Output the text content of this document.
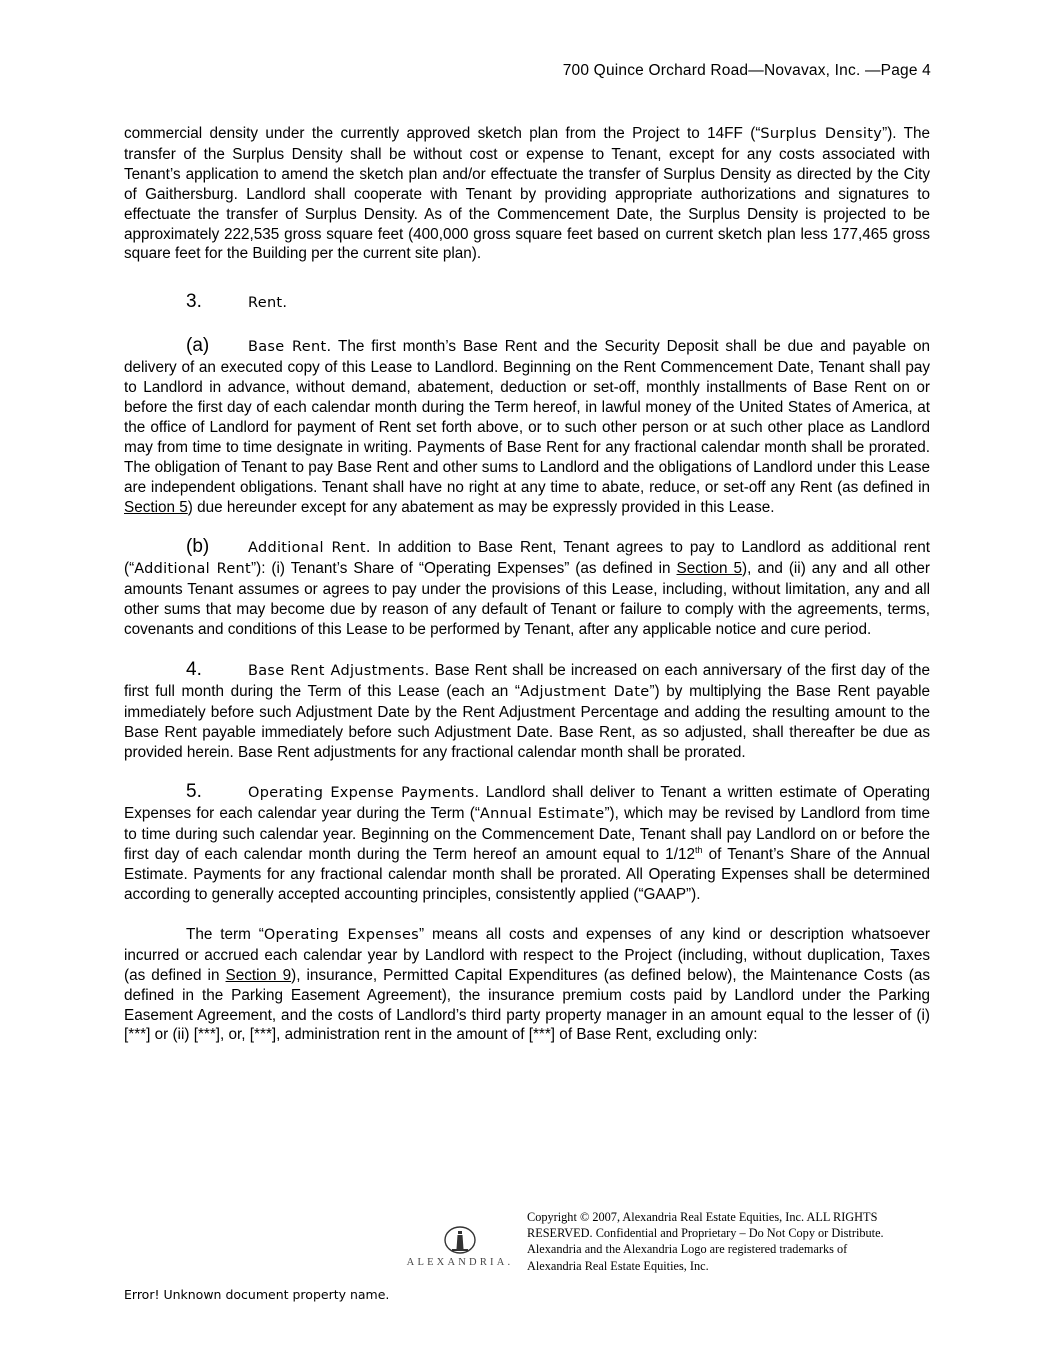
700 Quince Orchard Road—Novavax, Inc. —Page 4

commercial density under the currently approved sketch plan from the Project to 14FF (“Surplus Density”). The transfer of the Surplus Density shall be without cost or expense to Tenant, except for any costs associated with Tenant’s application to amend the sketch plan and/or effectuate the transfer of Surplus Density as directed by the City of Gaithersburg. Landlord shall cooperate with Tenant by providing appropriate authorizations and signatures to effectuate the transfer of Surplus Density. As of the Commencement Date, the Surplus Density is projected to be approximately 222,535 gross square feet (400,000 gross square feet based on current sketch plan less 177,465 gross square feet for the Building per the current site plan).

3.	Rent.

(a)	Base Rent. The first month’s Base Rent and the Security Deposit shall be due and payable on delivery of an executed copy of this Lease to Landlord. Beginning on the Rent Commencement Date, Tenant shall pay to Landlord in advance, without demand, abatement, deduction or set-off, monthly installments of Base Rent on or before the first day of each calendar month during the Term hereof, in lawful money of the United States of America, at the office of Landlord for payment of Rent set forth above, or to such other person or at such other place as Landlord may from time to time designate in writing. Payments of Base Rent for any fractional calendar month shall be prorated. The obligation of Tenant to pay Base Rent and other sums to Landlord and the obligations of Landlord under this Lease are independent obligations. Tenant shall have no right at any time to abate, reduce, or set-off any Rent (as defined in Section 5) due hereunder except for any abatement as may be expressly provided in this Lease.

(b)	Additional Rent. In addition to Base Rent, Tenant agrees to pay to Landlord as additional rent (“Additional Rent”): (i) Tenant’s Share of “Operating Expenses” (as defined in Section 5), and (ii) any and all other amounts Tenant assumes or agrees to pay under the provisions of this Lease, including, without limitation, any and all other sums that may become due by reason of any default of Tenant or failure to comply with the agreements, terms, covenants and conditions of this Lease to be performed by Tenant, after any applicable notice and cure period.

4.	Base Rent Adjustments. Base Rent shall be increased on each anniversary of the first day of the first full month during the Term of this Lease (each an “Adjustment Date”) by multiplying the Base Rent payable immediately before such Adjustment Date by the Rent Adjustment Percentage and adding the resulting amount to the Base Rent payable immediately before such Adjustment Date. Base Rent, as so adjusted, shall thereafter be due as provided herein. Base Rent adjustments for any fractional calendar month shall be prorated.

5.	Operating Expense Payments. Landlord shall deliver to Tenant a written estimate of Operating Expenses for each calendar year during the Term (“Annual Estimate”), which may be revised by Landlord from time to time during such calendar year. Beginning on the Commencement Date, Tenant shall pay Landlord on or before the first day of each calendar month during the Term hereof an amount equal to 1/12th of Tenant’s Share of the Annual Estimate. Payments for any fractional calendar month shall be prorated. All Operating Expenses shall be determined according to generally accepted accounting principles, consistently applied (“GAAP”).

The term “Operating Expenses” means all costs and expenses of any kind or description whatsoever incurred or accrued each calendar year by Landlord with respect to the Project (including, without duplication, Taxes (as defined in Section 9), insurance, Permitted Capital Expenditures (as defined below), the Maintenance Costs (as defined in the Parking Easement Agreement), the insurance premium costs paid by Landlord under the Parking Easement Agreement, and the costs of Landlord’s third party property manager in an amount equal to the lesser of (i) [***] or (ii) [***], or, [***], administration rent in the amount of [***] of Base Rent, excluding only:

ALEXANDRIA.
Copyright © 2007, Alexandria Real Estate Equities, Inc. ALL RIGHTS RESERVED. Confidential and Proprietary – Do Not Copy or Distribute. Alexandria and the Alexandria Logo are registered trademarks of Alexandria Real Estate Equities, Inc.
Error! Unknown document property name.
